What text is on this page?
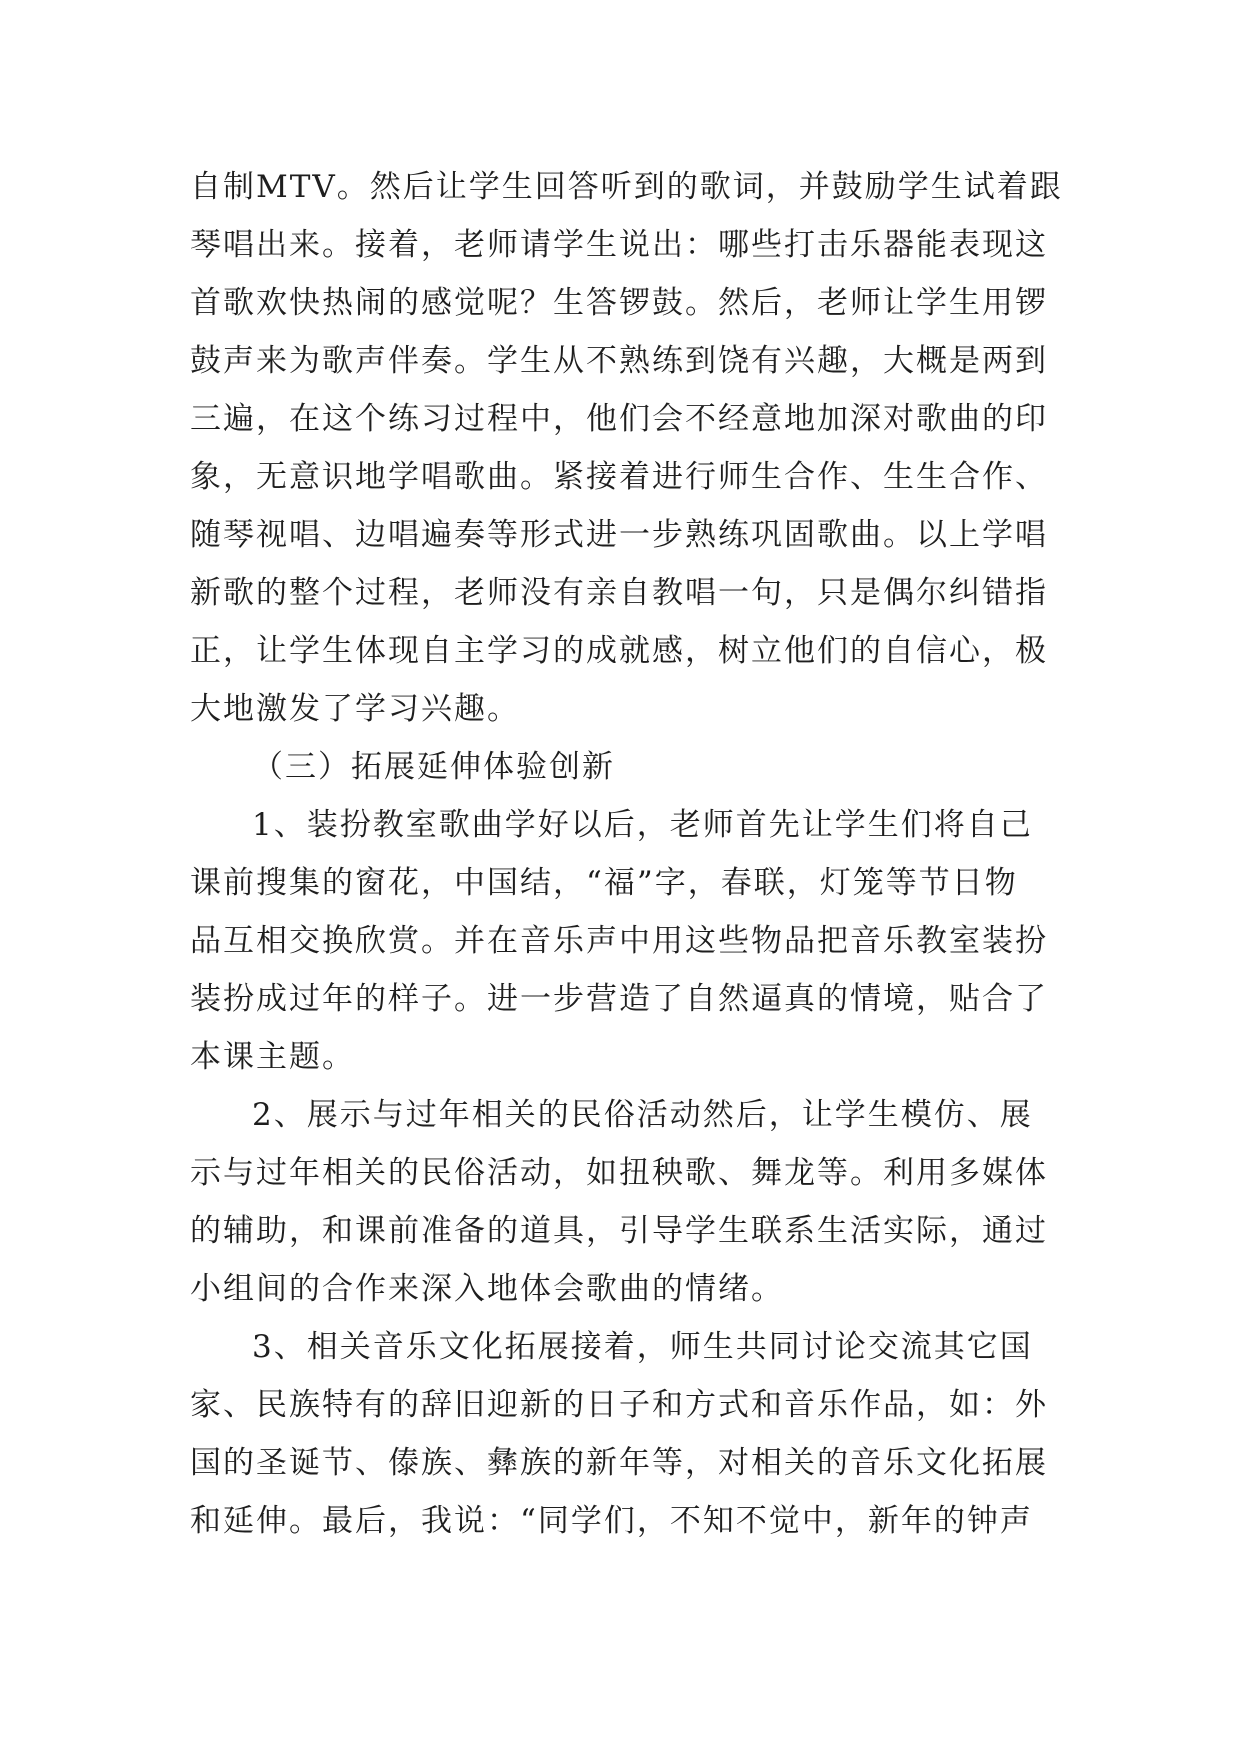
自制MTV。然后让学生回答听到的歌词，并鼓励学生试着跟
琴唱出来。接着，老师请学生说出：哪些打击乐器能表现这
首歌欢快热闹的感觉呢？生答锣鼓。然后，老师让学生用锣
鼓声来为歌声伴奏。学生从不熟练到饶有兴趣，大概是两到
三遍，在这个练习过程中，他们会不经意地加深对歌曲的印
象，无意识地学唱歌曲。紧接着进行师生合作、生生合作、
随琴视唱、边唱遍奏等形式进一步熟练巩固歌曲。以上学唱
新歌的整个过程，老师没有亲自教唱一句，只是偶尔纠错指
正，让学生体现自主学习的成就感，树立他们的自信心，极
大地激发了学习兴趣。
（三）拓展延伸体验创新
1、装扮教室歌曲学好以后，老师首先让学生们将自己
课前搜集的窗花，中国结，“福”字，春联，灯笼等节日物
品互相交换欣赏。并在音乐声中用这些物品把音乐教室装扮
装扮成过年的样子。进一步营造了自然逼真的情境，贴合了
本课主题。
2、展示与过年相关的民俗活动然后，让学生模仿、展
示与过年相关的民俗活动，如扭秧歌、舞龙等。利用多媒体
的辅助，和课前准备的道具，引导学生联系生活实际，通过
小组间的合作来深入地体会歌曲的情绪。
3、相关音乐文化拓展接着，师生共同讨论交流其它国
家、民族特有的辞旧迎新的日子和方式和音乐作品，如：外
国的圣诞节、傣族、彝族的新年等，对相关的音乐文化拓展
和延伸。最后，我说：“同学们，不知不觉中，新年的钟声
